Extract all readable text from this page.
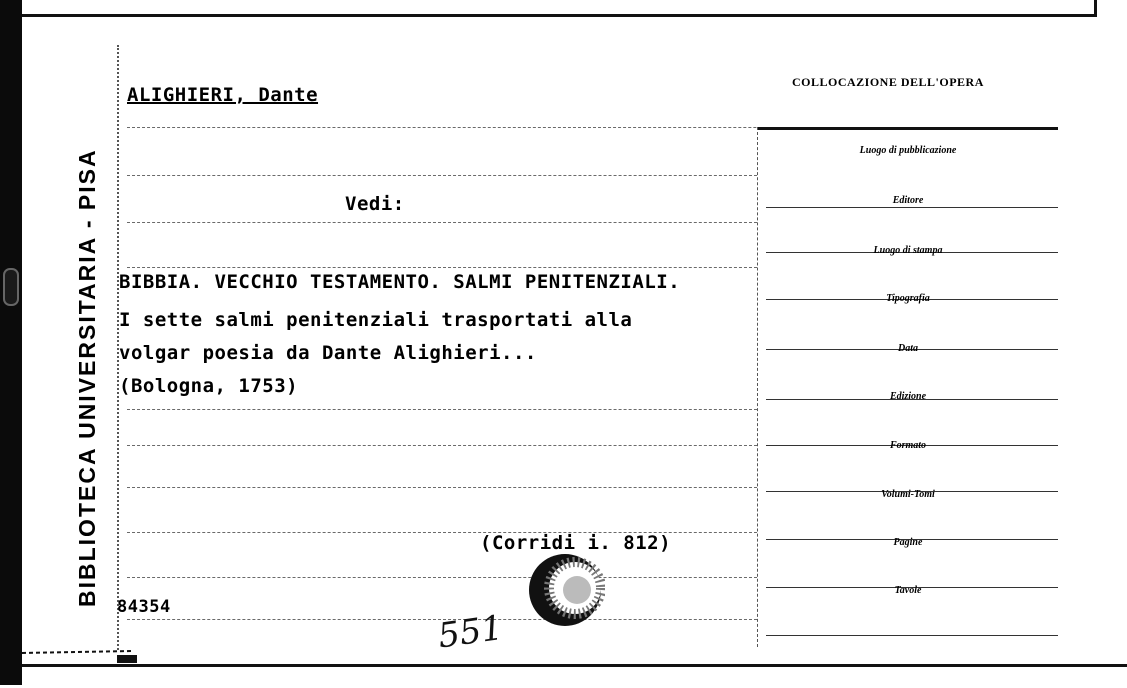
BIBLIOTECA UNIVERSITARIA - PISA
ALIGHIERI, Dante
Vedi:
BIBBIA. VECCHIO TESTAMENTO. SALMI PENITENZIALI.
I sette salmi penitenziali trasportati alla
volgar poesia da Dante Alighieri...
(Bologna, 1753)
(Corridi i. 812)
84354
551
COLLOCAZIONE DELL'OPERA
Luogo di pubblicazione
Editore
Luogo di stampa
Tipografia
Data
Edizione
Formato
Volumi-Tomi
Pagine
Tavole
